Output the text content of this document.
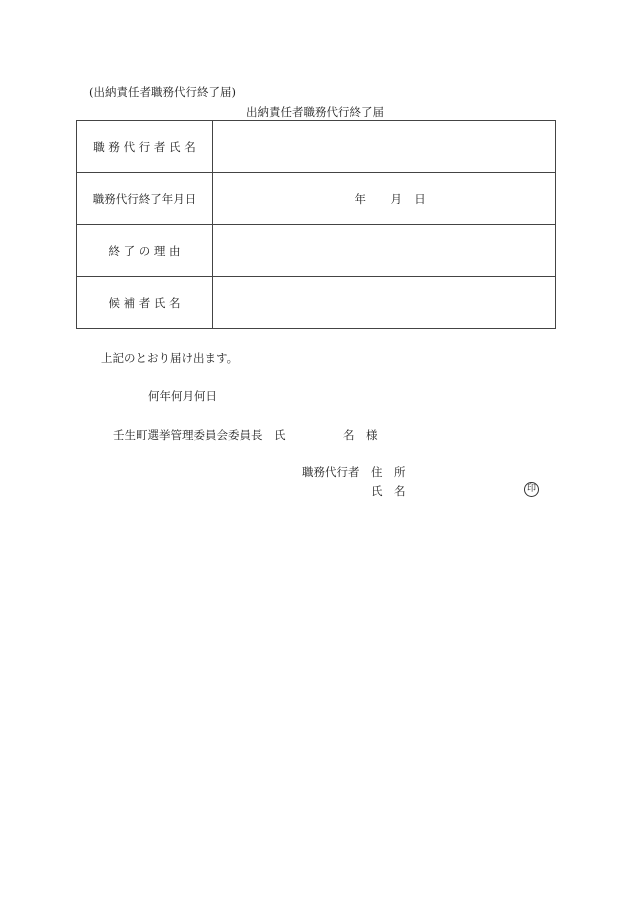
(出納責任者職務代行終了届)
出納責任者職務代行終了届
職 務 代 行 者 氏 名	
職務代行終了年月日	年 月 日
終 了 の 理 由	
候 補 者 氏 名	
上記のとおり届け出ます。
何年何月何日
壬生町選挙管理委員会委員長　氏　　　　　名　様
職務代行者 住　所
氏　名	印
